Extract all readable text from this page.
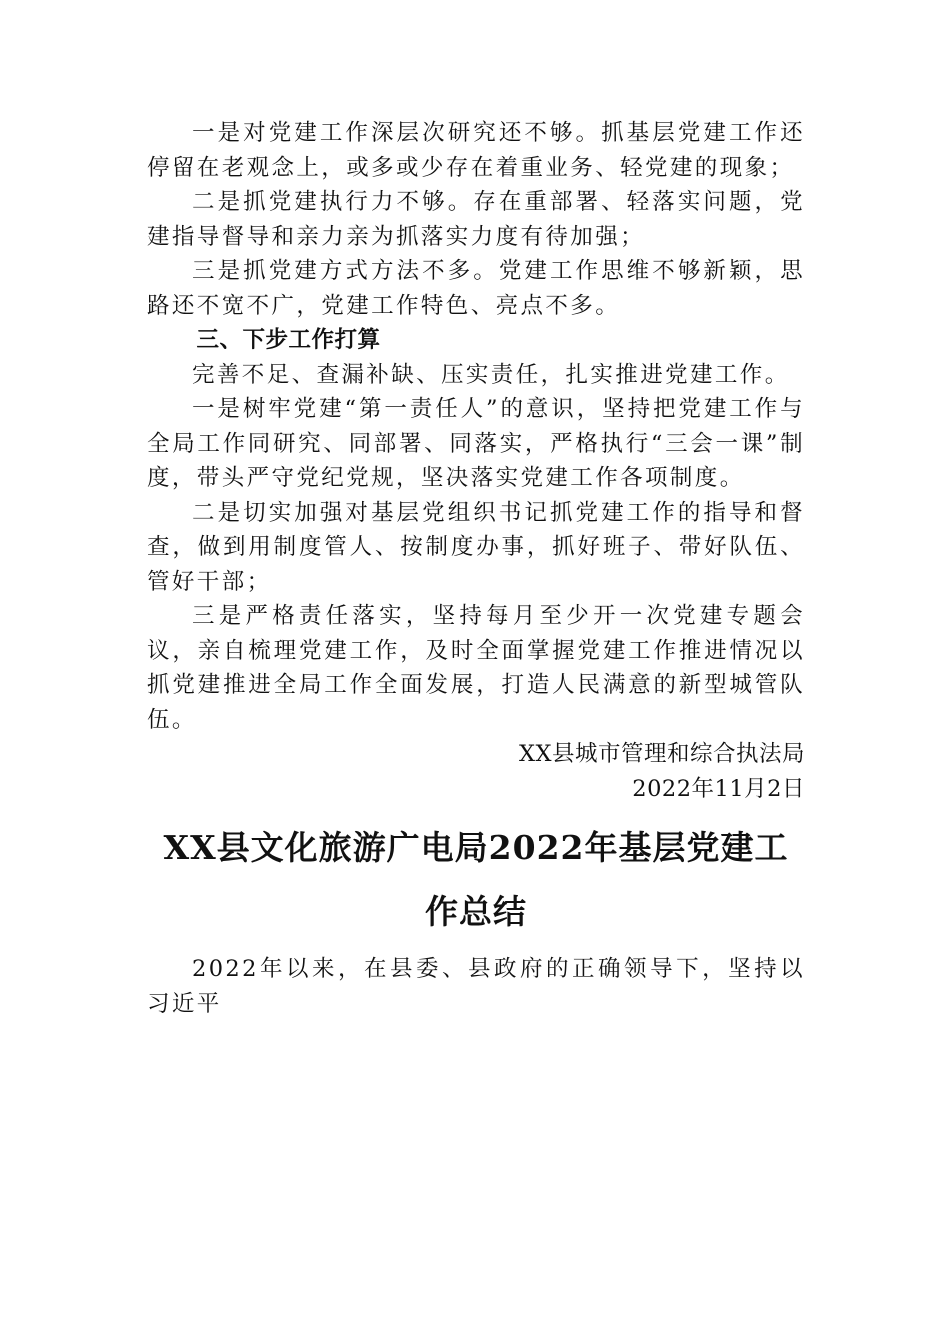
一是对党建工作深层次研究还不够。抓基层党建工作还停留在老观念上，或多或少存在着重业务、轻党建的现象；

二是抓党建执行力不够。存在重部署、轻落实问题，党建指导督导和亲力亲为抓落实力度有待加强；

三是抓党建方式方法不多。党建工作思维不够新颖，思路还不宽不广，党建工作特色、亮点不多。

三、下步工作打算

完善不足、查漏补缺、压实责任，扎实推进党建工作。

一是树牢党建“第一责任人”的意识，坚持把党建工作与全局工作同研究、同部署、同落实，严格执行“三会一课”制度，带头严守党纪党规，坚决落实党建工作各项制度。

二是切实加强对基层党组织书记抓党建工作的指导和督查，做到用制度管人、按制度办事，抓好班子、带好队伍、管好干部；

三是严格责任落实，坚持每月至少开一次党建专题会议，亲自梳理党建工作，及时全面掌握党建工作推进情况以抓党建推进全局工作全面发展，打造人民满意的新型城管队伍。

XX县城市管理和综合执法局

2022年11月2日

XX县文化旅游广电局2022年基层党建工作总结

2022年以来，在县委、县政府的正确领导下，坚持以习近平
